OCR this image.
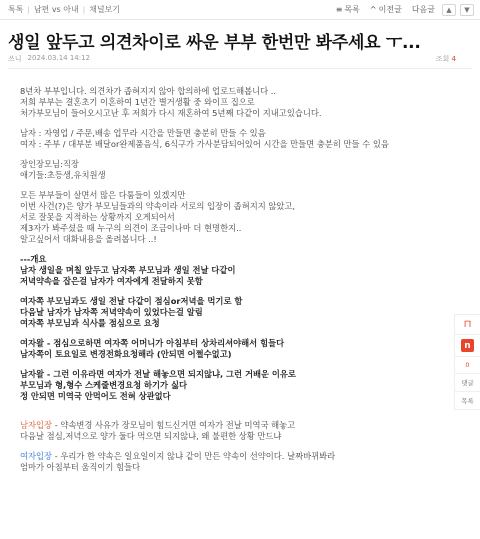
톡톡 | 남편 vs 아내 | 채널보기	≡ 목록 ^ 이전글 다음글 ▲ ▼
생일 앞두고 의견차이로 싸운 부부 한번만 봐주세요 ㅜ...
쓰니 2024.03.14 14:12	조회 4
8년차 부부입니다. 의견차가 좁혀지지 않아 합의하에 업로드해봅니다 ..
저희 부부는 결혼초기 이혼하여 1년간 별거생활 중 와이프 집으로
처가부모님이 들어오시고난 후 저희가 다시 재혼하여 5년째 다같이 지내고있습니다.
남자 : 자영업 / 주문,배송 업무라 시간을 만들면 충분히 만들 수 있음
여자 : 주부 / 대부분 배달or완제품음식, 6식구가 가사분담되어있어 시간을 만들면 충분히 만들 수 있음
장인장모님:직장
애기들:초등생,유치원생
모든 부부들이 살면서 많은 다툼들이 있겠지만
이번 사건(?)은 양가 부모님들과의 약속이라 서로의 입장이 좁혀지지 않았고,
서로 잘못을 지적하는 상황까지 오게되어서
제3자가 봐주셨을 때 누구의 의견이 조금이나마 더 현명한지..
알고싶어서 대화내용을 올려봅니다 ..!
---개요
남자 생일을 며칠 앞두고 남자쪽 부모님과 생일 전날 다같이
저녁약속을 잡은걸 남자가 여자에게 전달하지 못함
여자쪽 부모님과도 생일 전날 다같이 점심or저녁을 먹기로 함
다음날 남자가 남자쪽 저녁약속이 있었다는걸 알림
여자쪽 부모님과 식사를 점심으로 요청
여자왈 - 점심으로하면 여자쪽 어머니가 아침부터 상차리셔야해서 힘들다
남자쪽이 토요일로 변경전화요청해라 (안되면 어쩔수없고)
남자왈 - 그런 이유라면 여자가 전날 해놓으면 되지않냐, 그런 거배운 이유로
부모님과 형,형수 스케줄변경요청 하기가 싫다
정 안되면 미역국 안먹어도 전혀 상관없다
남자입장 - 약속변경 사유가 장모님이 힘드신거면 여자가 전날 미역국 해놓고
다음날 점심,저녁으로 양가 둘다 먹으면 되지않냐, 왜 불편한 상황 만드냐
여자입장 - 우리가 한 약속은 일요일이지 않냐 같이 만든 약속이 선약이다. 날짜바뀌봐라
엄마가 아침부터 움직이기 힘들다
⊓
n
0
댓글
목록
